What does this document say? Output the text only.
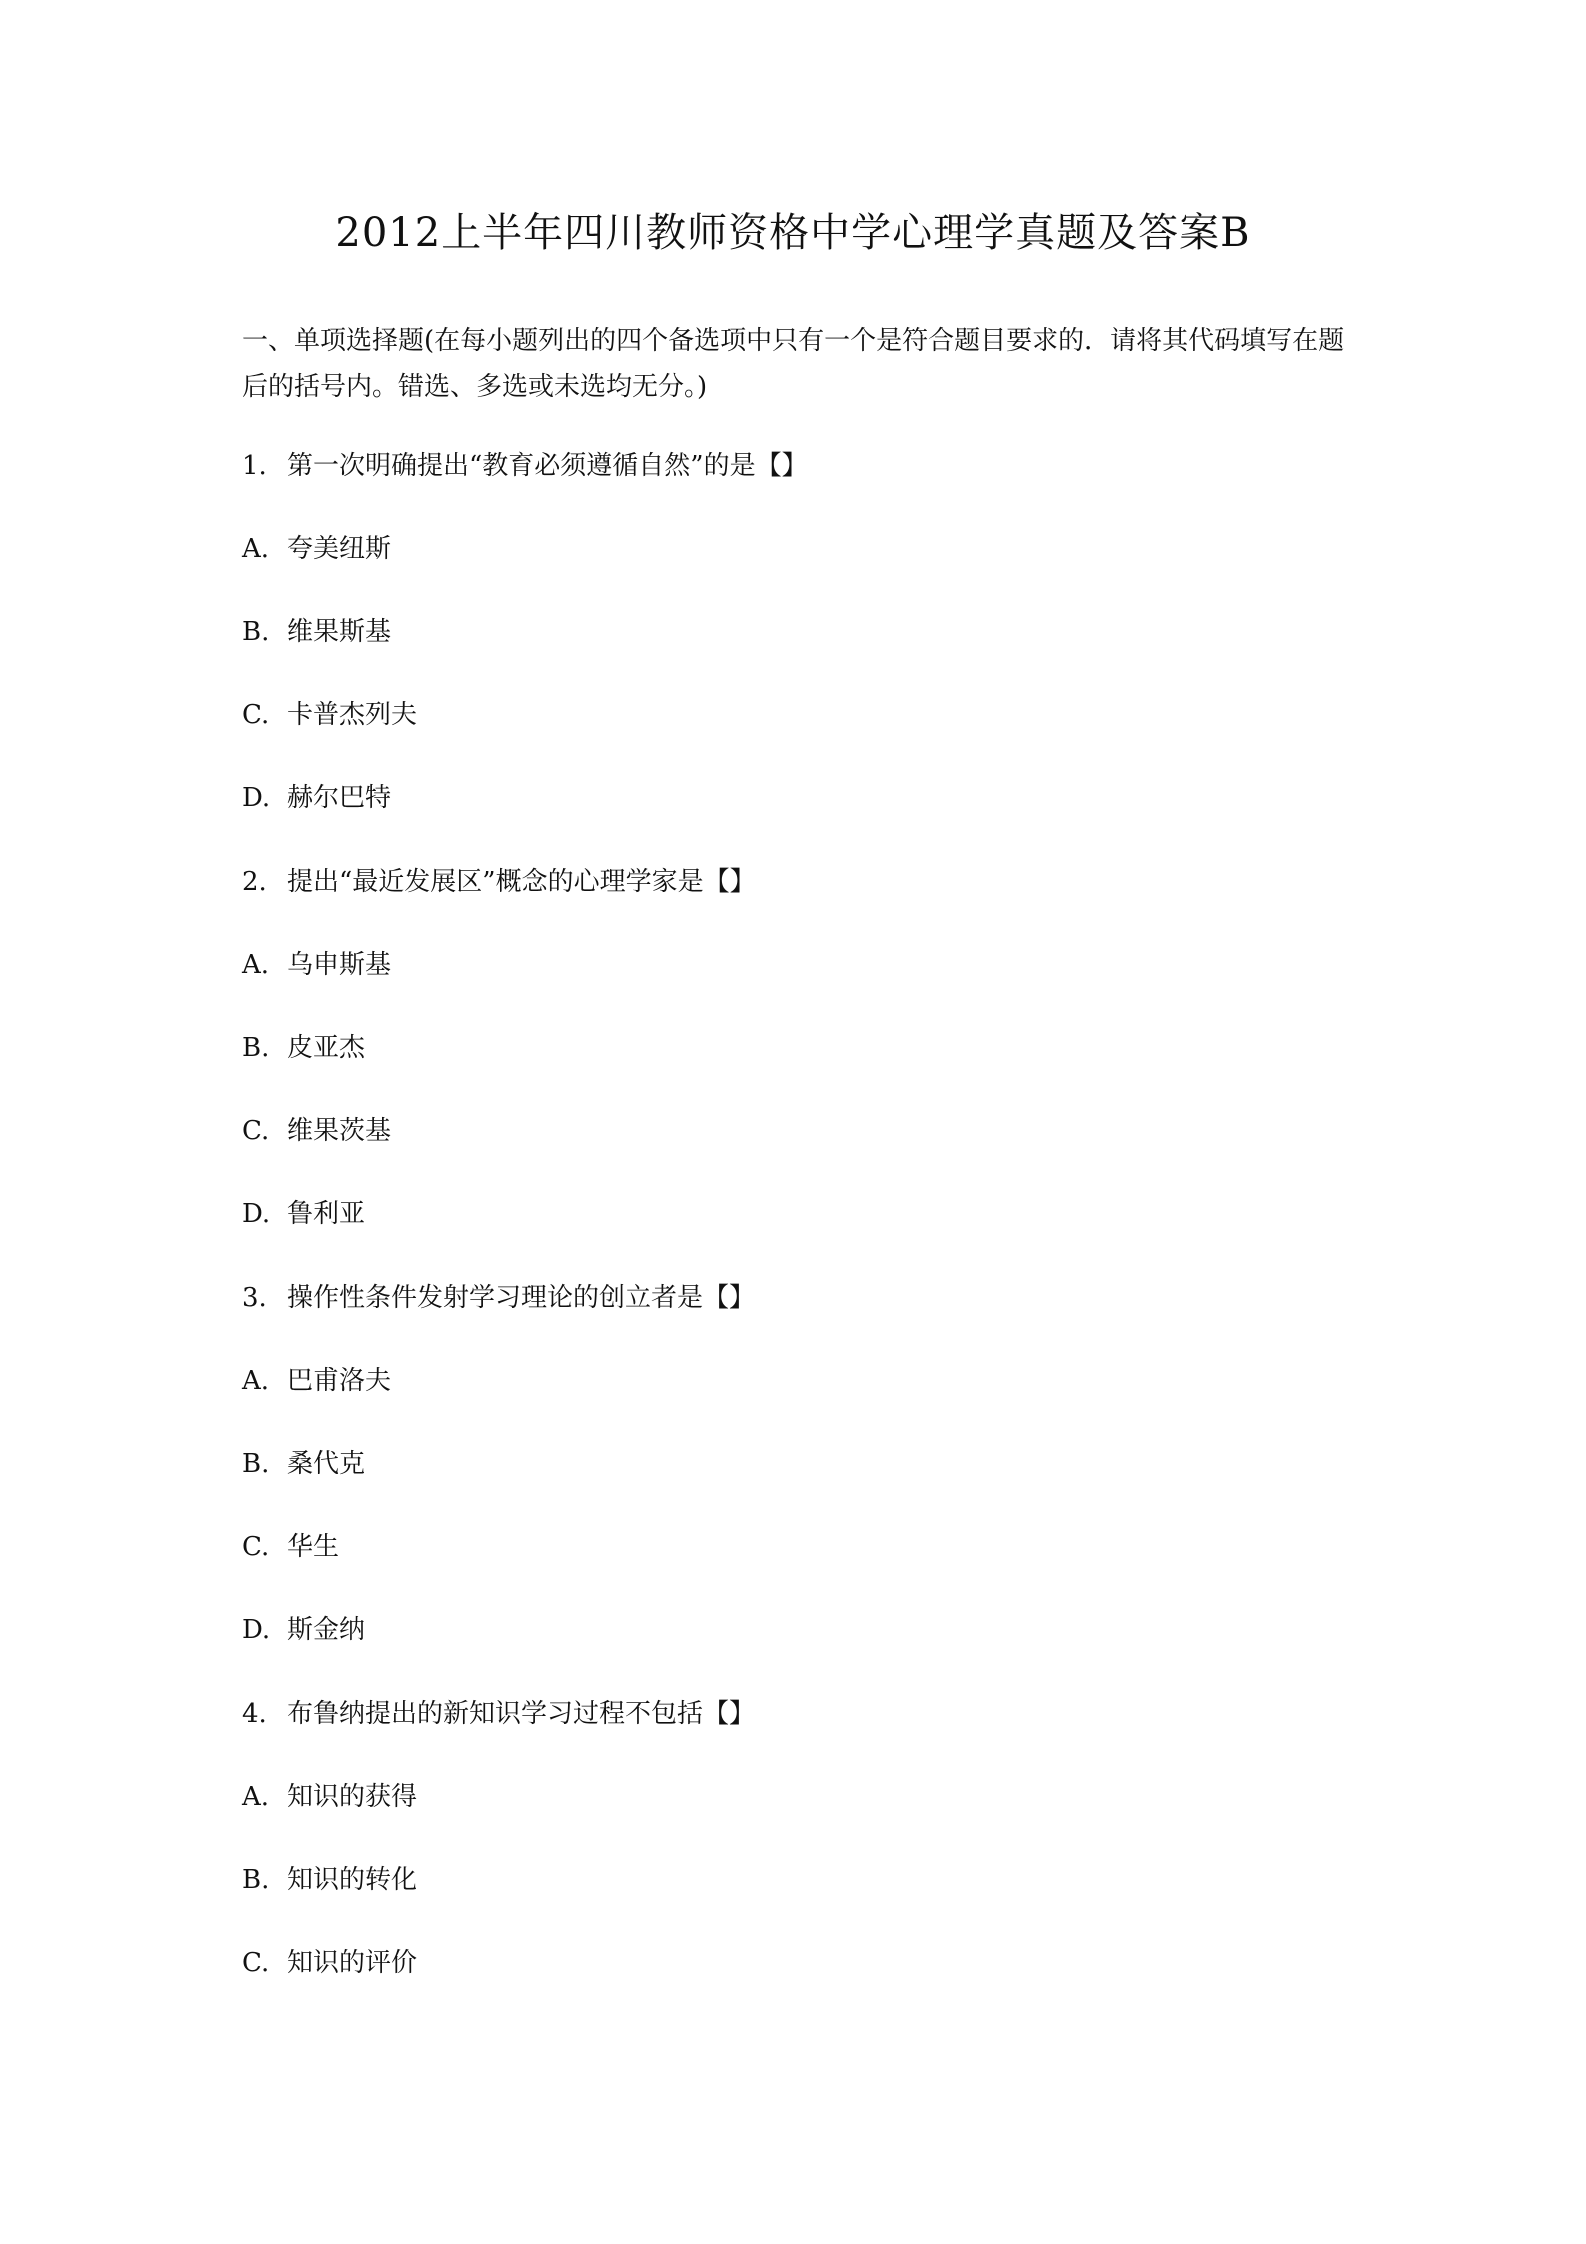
2012上半年四川教师资格中学心理学真题及答案B
一、单项选择题(在每小题列出的四个备选项中只有一个是符合题目要求的．请将其代码填写在题后的括号内。错选、多选或未选均无分。)
1. 第一次明确提出“教育必须遵循自然”的是【】
A. 夸美纽斯
B. 维果斯基
C. 卡普杰列夫
D. 赫尔巴特
2. 提出“最近发展区”概念的心理学家是【】
A. 乌申斯基
B. 皮亚杰
C. 维果茨基
D. 鲁利亚
3. 操作性条件发射学习理论的创立者是【】
A. 巴甫洛夫
B. 桑代克
C. 华生
D. 斯金纳
4. 布鲁纳提出的新知识学习过程不包括【】
A. 知识的获得
B. 知识的转化
C. 知识的评价
